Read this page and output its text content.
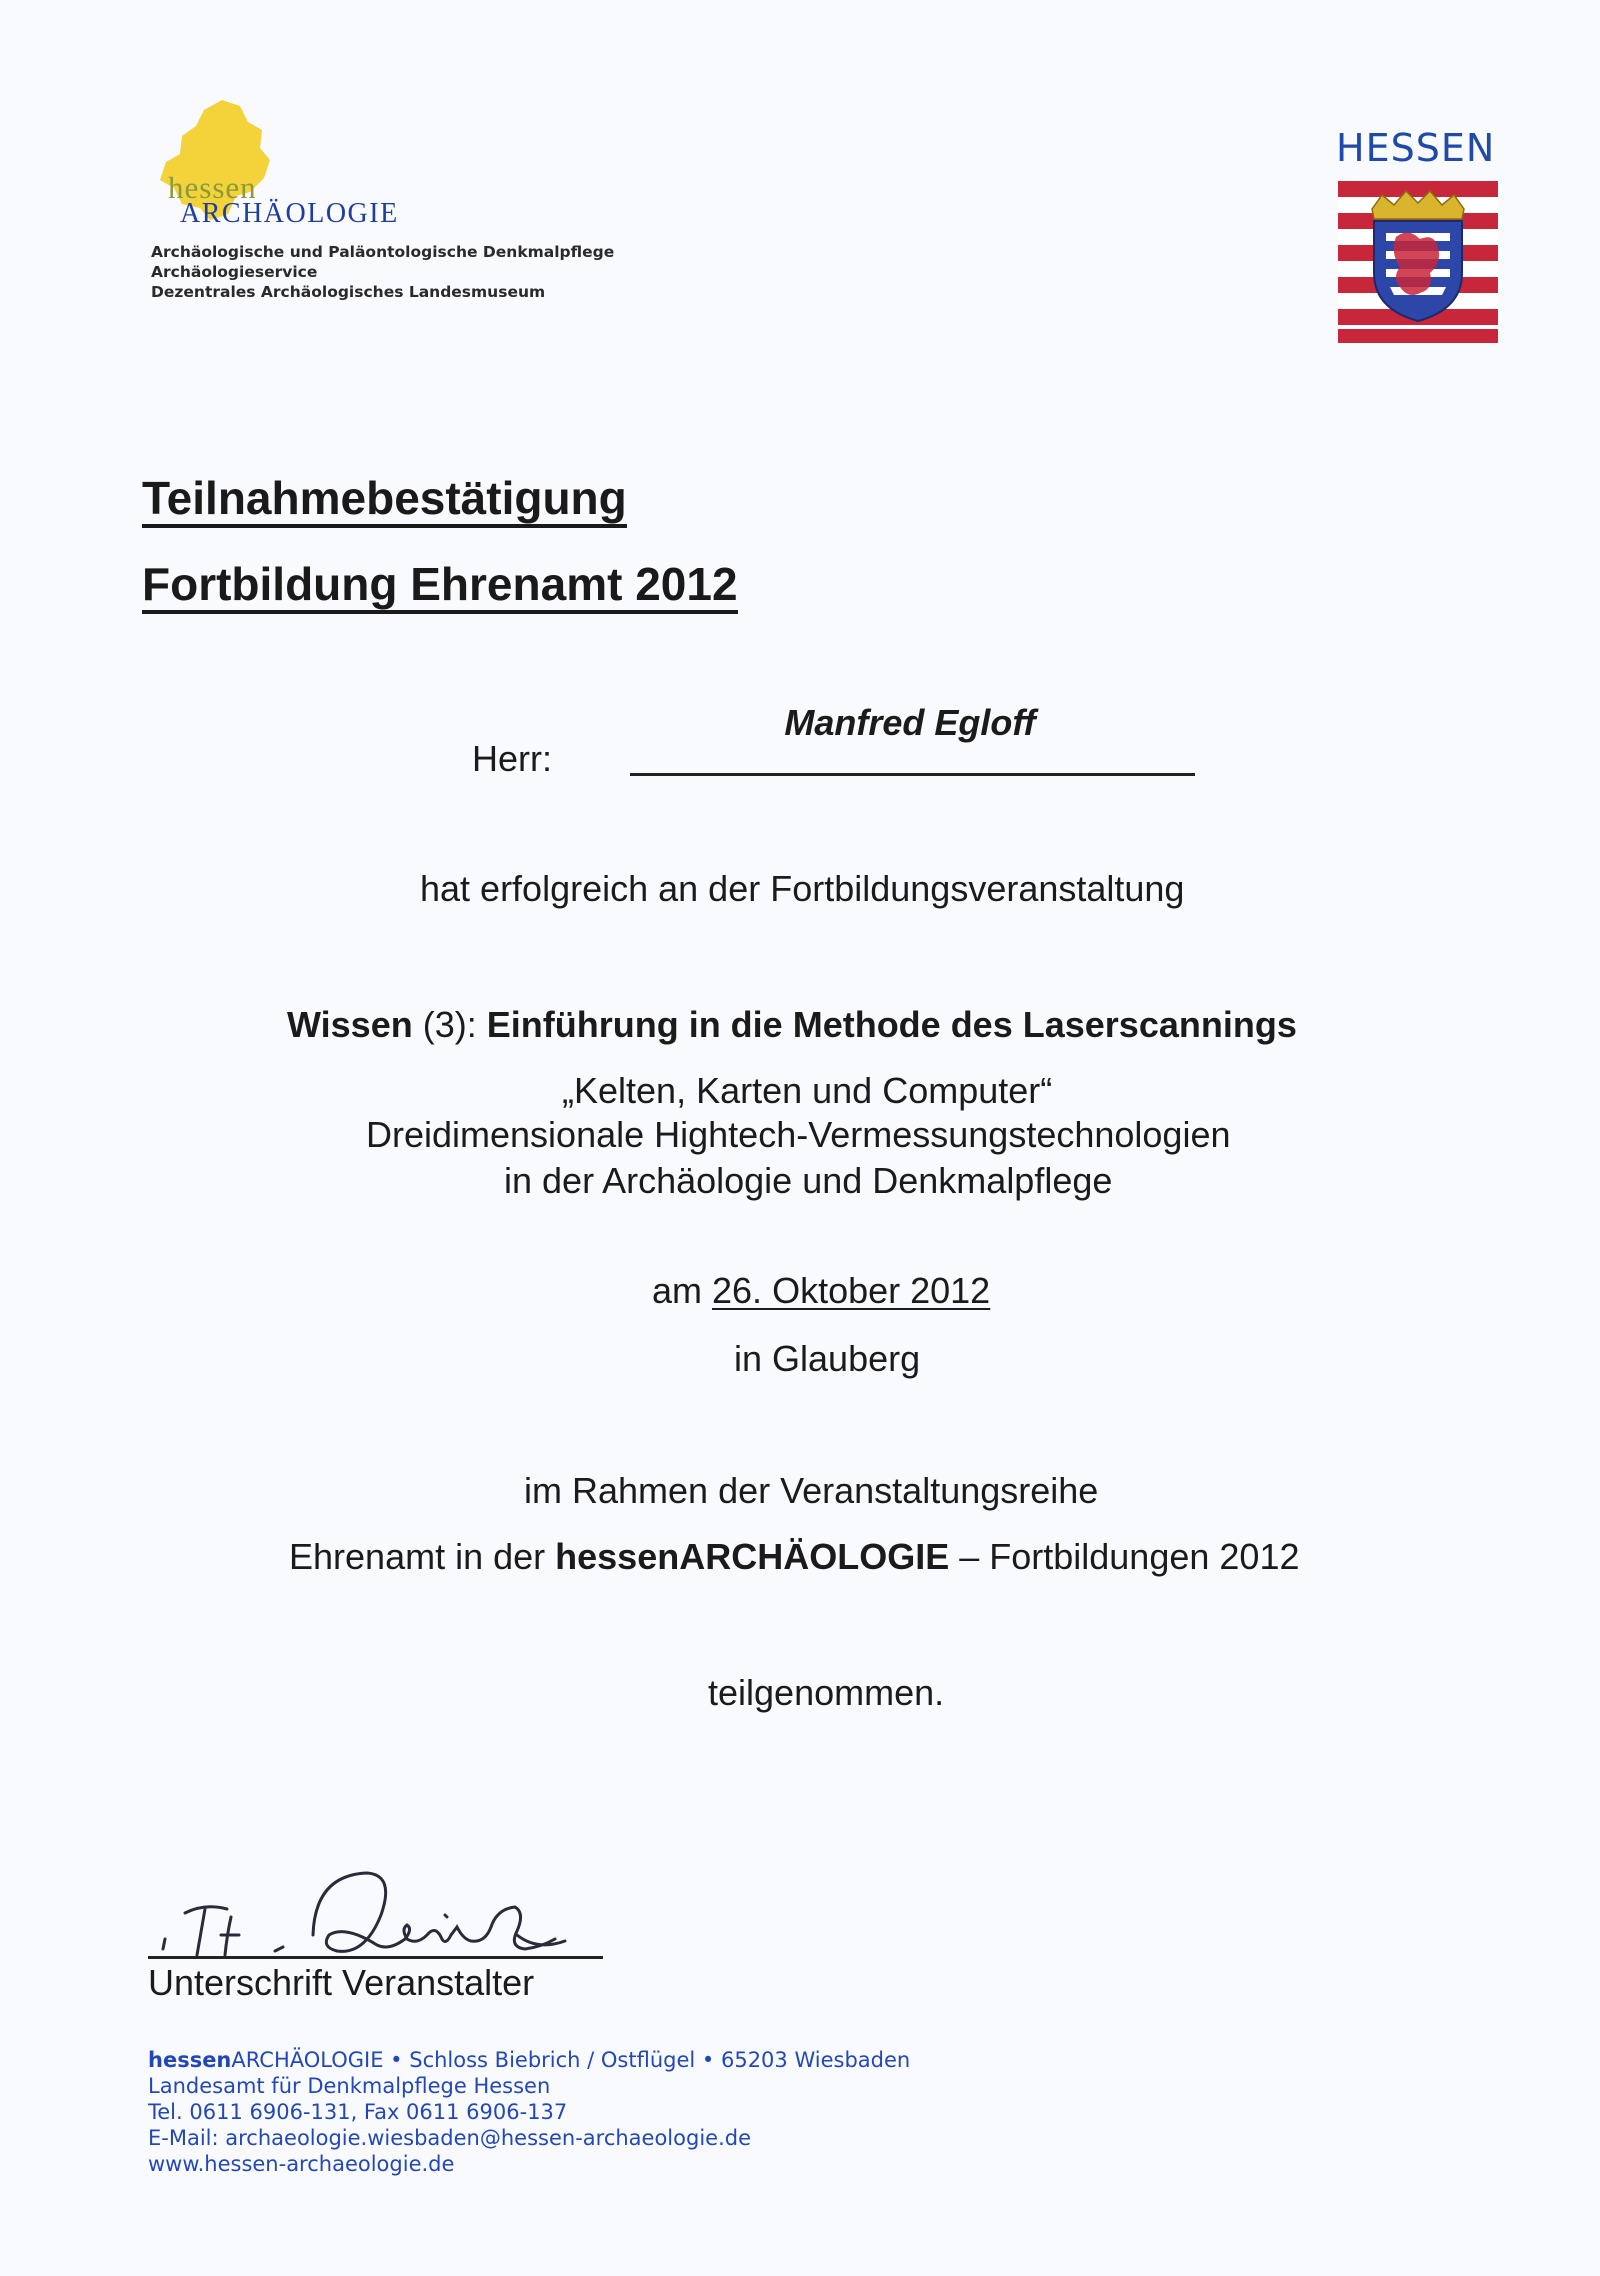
hessen
ARCHÄOLOGIE
Archäologische und Paläontologische Denkmalpflege
Archäologieservice
Dezentrales Archäologisches Landesmuseum
HESSEN
Teilnahmebestätigung
Fortbildung Ehrenamt 2012
Herr:
Manfred Egloff
hat erfolgreich an der Fortbildungsveranstaltung
Wissen (3): Einführung in die Methode des Laserscannings
„Kelten, Karten und Computer“
Dreidimensionale Hightech-Vermessungstechnologien
in der Archäologie und Denkmalpflege
am 26. Oktober 2012
in Glauberg
im Rahmen der Veranstaltungsreihe
Ehrenamt in der hessenARCHÄOLOGIE – Fortbildungen 2012
teilgenommen.
Unterschrift Veranstalter
hessenARCHÄOLOGIE • Schloss Biebrich / Ostflügel • 65203 Wiesbaden
Landesamt für Denkmalpflege Hessen
Tel. 0611 6906-131, Fax 0611 6906-137
E-Mail: archaeologie.wiesbaden@hessen-archaeologie.de
www.hessen-archaeologie.de
